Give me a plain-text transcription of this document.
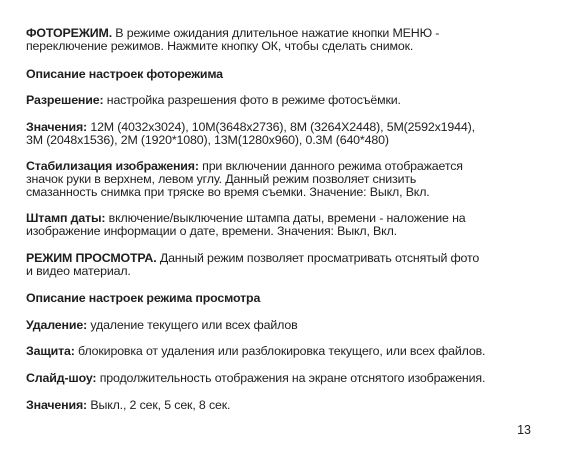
ФОТОРЕЖИМ. В режиме ожидания длительное нажатие кнопки МЕНЮ -
переключение режимов. Нажмите кнопку ОК, чтобы сделать снимок.

Описание настроек фоторежима

Разрешение: настройка разрешения фото в режиме фотосъёмки.

Значения: 12M (4032x3024), 10M(3648x2736), 8M (3264X2448), 5M(2592x1944),
3M (2048x1536), 2M (1920*1080), 13M(1280x960), 0.3M (640*480)

Стабилизация изображения: при включении данного режима отображается
значок руки в верхнем, левом углу. Данный режим позволяет снизить
смазанность снимка при тряске во время съемки. Значение: Выкл, Вкл.

Штамп даты: включение/выключение штампа даты, времени - наложение на
изображение информации о дате, времени. Значения: Выкл, Вкл.

РЕЖИМ ПРОСМОТРА. Данный режим позволяет просматривать отснятый фото
и видео материал.

Описание настроек режима просмотра

Удаление: удаление текущего или всех файлов

Защита: блокировка от удаления или разблокировка текущего, или всех файлов.

Слайд-шоу: продолжительность отображения на экране отснятого изображения.

Значения: Выкл., 2 сек, 5 сек, 8 сек.

13
